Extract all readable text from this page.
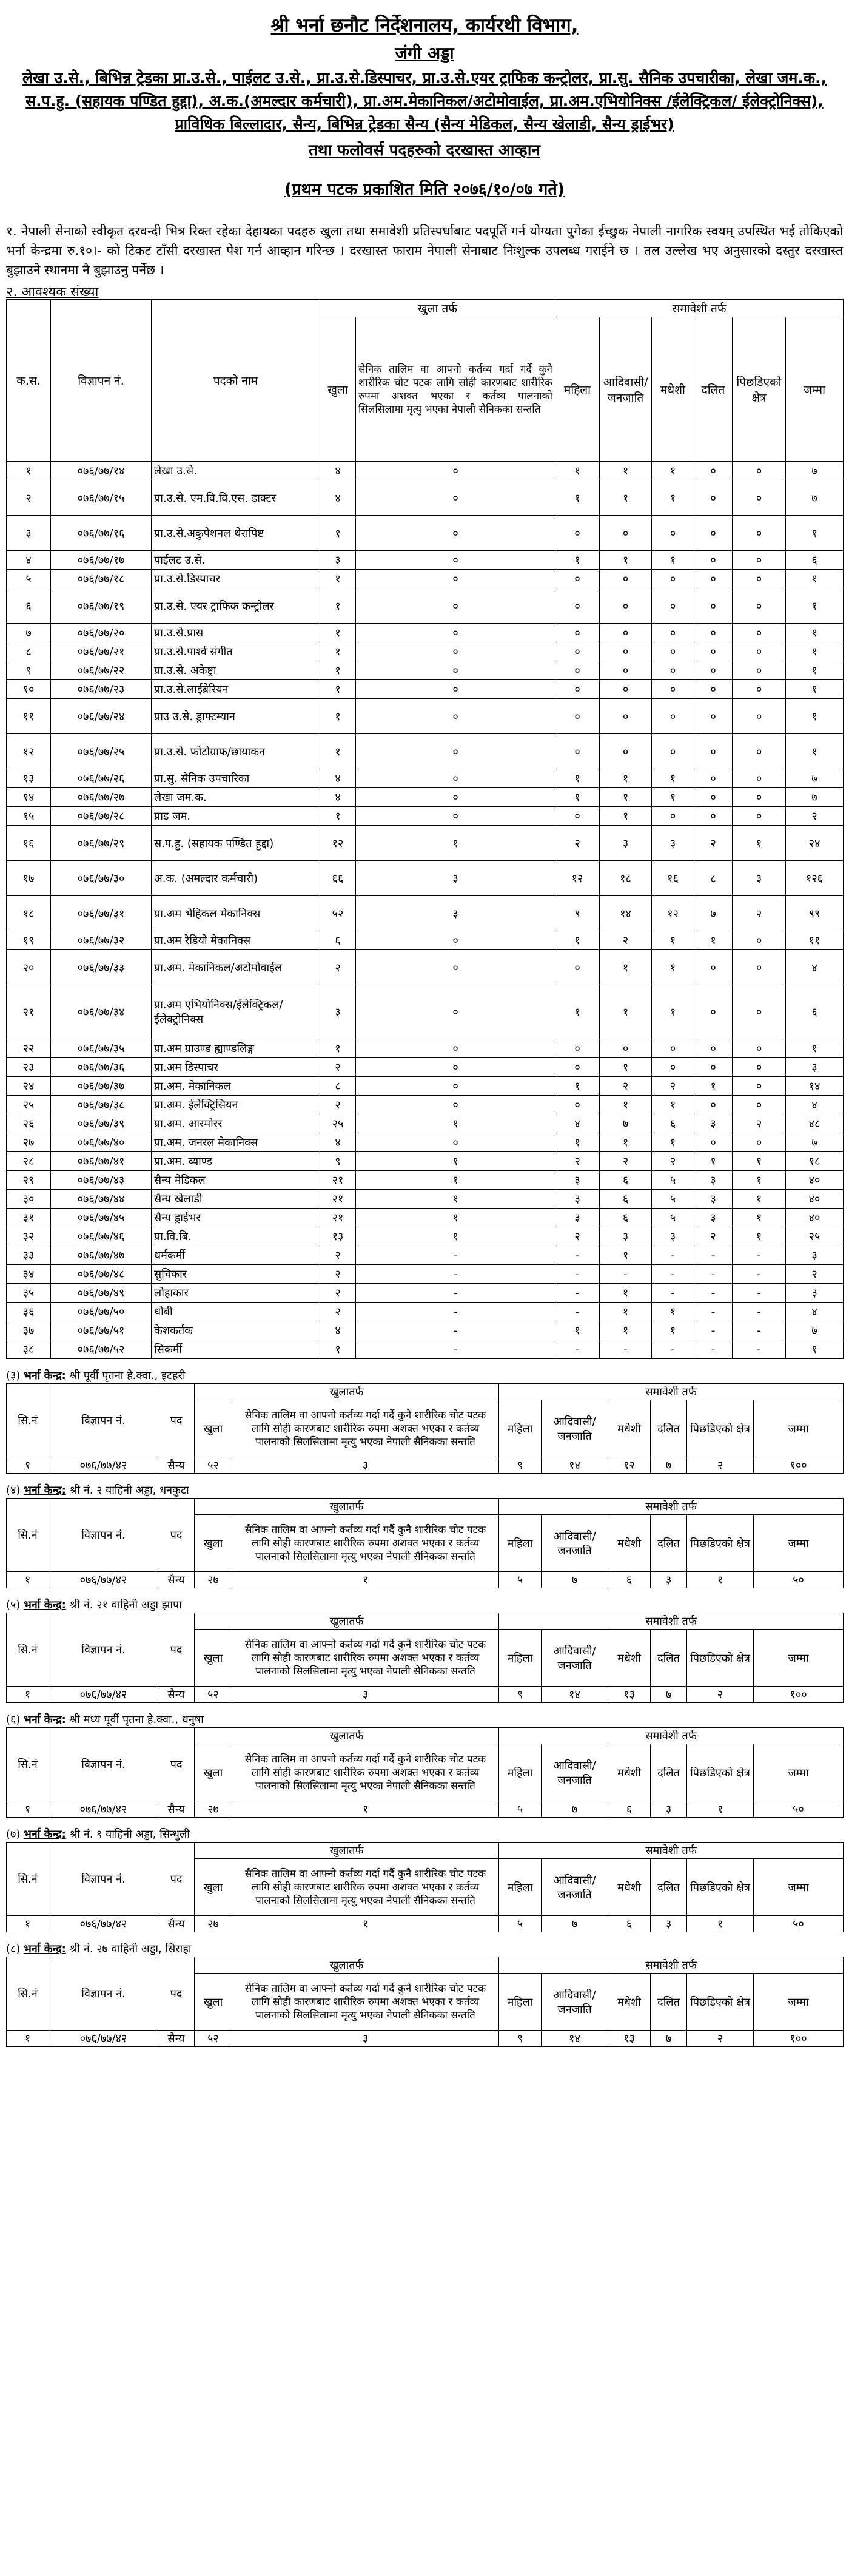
श्री भर्ना छनौट निर्देशनालय, कार्यरथी विभाग,
जंगी अड्डा
लेखा उ.से., बिभिन्न ट्रेडका प्रा.उ.से., पाईलट उ.से., प्रा.उ.से.डिस्पाचर, प्रा.उ.से.एयर ट्राफिक कन्ट्रोलर, प्रा.सु. सैनिक उपचारीका, लेखा जम.क., स.प.हु. (सहायक पण्डित हुद्दा), अ.क.(अमल्दार कर्मचारी), प्रा.अम.मेकानिकल/अटोमोवाईल, प्रा.अम.एभियोनिक्स /ईलेक्ट्रिकल/ ईलेक्ट्रोनिक्स), प्राविधिक बिल्लादार, सैन्य, बिभिन्न ट्रेडका सैन्य (सैन्य मेडिकल, सैन्य खेलाडी, सैन्य ड्राईभर)
तथा फलोवर्स पदहरुको दरखास्त आव्हान
(प्रथम पटक प्रकाशित मिति २०७६/१०/०७ गते)
१. नेपाली सेनाको स्वीकृत दरवन्दी भित्र रिक्त रहेका देहायका पदहरु खुला तथा समावेशी प्रतिस्पर्धाबाट पदपूर्ति गर्न योग्यता पुगेका ईच्छुक नेपाली नागरिक स्वयम् उपस्थित भई तोकिएको भर्ना केन्द्रमा रु.१०।- को टिकट टाँसी दरखास्त पेश गर्न आव्हान गरिन्छ । दरखास्त फाराम नेपाली सेनाबाट निःशुल्क उपलब्ध गराईने छ । तल उल्लेख भए अनुसारको दस्तुर दरखास्त बुझाउने स्थानमा नै बुझाउनु पर्नेछ ।
२. आवश्यक संख्या
क.स.	विज्ञापन नं.	पदको नाम	खुला तर्फ		समावेशी तर्फ					
			खुला	सैनिक तालिम वा आफ्नो कर्तव्य गर्दा गर्दै कुनै शारीरिक चोट पटक लागि सोही कारणबाट शारीरिक रुपमा अशक्त भएका र कर्तव्य पालनाको सिलसिलामा मृत्यु भएका नेपाली सैनिकका सन्तति	महिला	आदिवासी/ जनजाति	मधेशी	दलित	पिछडिएको क्षेत्र	जम्मा
१	०७६/७७/१४	लेखा उ.से.	४	०	१	१	१	०	०	७
२	०७६/७७/१५	प्रा.उ.से. एम.वि.वि.एस. डाक्टर	४	०	१	१	१	०	०	७
३	०७६/७७/१६	प्रा.उ.से.अकुपेशनल थेरापिष्ट	१	०	०	०	०	०	०	१
४	०७६/७७/१७	पाईलट उ.से.	३	०	१	१	१	०	०	६
५	०७६/७७/१८	प्रा.उ.से.डिस्पाचर	१	०	०	०	०	०	०	१
६	०७६/७७/१९	प्रा.उ.से. एयर ट्राफिक कन्ट्रोलर	१	०	०	०	०	०	०	१
७	०७६/७७/२०	प्रा.उ.से.प्रास	१	०	०	०	०	०	०	१
८	०७६/७७/२१	प्रा.उ.से.पार्श्व संगीत	१	०	०	०	०	०	०	१
९	०७६/७७/२२	प्रा.उ.से. अकेष्ट्रा	१	०	०	०	०	०	०	१
१०	०७६/७७/२३	प्रा.उ.से.लाईब्रेरियन	१	०	०	०	०	०	०	१
११	०७६/७७/२४	प्राउ उ.से. ड्राफ्टम्यान	१	०	०	०	०	०	०	१
१२	०७६/७७/२५	प्रा.उ.से. फोटोग्राफ/छायाकन	१	०	०	०	०	०	०	१
१३	०७६/७७/२६	प्रा.सु. सैनिक उपचारिका	४	०	१	१	१	०	०	७
१४	०७६/७७/२७	लेखा जम.क.	४	०	१	१	१	०	०	७
१५	०७६/७७/२८	प्राड जम.	१	०	०	१	०	०	०	२
१६	०७६/७७/२९	स.प.हु. (सहायक पण्डित हुद्दा)	१२	१	२	३	३	२	१	२४
१७	०७६/७७/३०	अ.क. (अमल्दार कर्मचारी)	६६	३	१२	१८	१६	८	३	१२६
१८	०७६/७७/३१	प्रा.अम भेहिकल मेकानिक्स	५२	३	९	१४	१२	७	२	९९
१९	०७६/७७/३२	प्रा.अम रेडियो मेकानिक्स	६	०	१	२	१	१	०	११
२०	०७६/७७/३३	प्रा.अम. मेकानिकल/अटोमोवाईल	२	०	०	१	१	०	०	४
२१	०७६/७७/३४	प्रा.अम एभियोनिक्स/ईलेक्ट्रिकल/ ईलेक्ट्रोनिक्स	३	०	१	१	१	०	०	६
२२	०७६/७७/३५	प्रा.अम ग्राउण्ड ह्याण्डलिङ्ग	१	०	०	०	०	०	०	१
२३	०७६/७७/३६	प्रा.अम डिस्पाचर	२	०	०	१	०	०	०	३
२४	०७६/७७/३७	प्रा.अम. मेकानिकल	८	०	१	२	२	१	०	१४
२५	०७६/७७/३८	प्रा.अम. ईलेक्ट्रिसियन	२	०	०	१	१	०	०	४
२६	०७६/७७/३९	प्रा.अम. आरमोरर	२५	१	४	७	६	३	२	४८
२७	०७६/७७/४०	प्रा.अम. जनरल मेकानिक्स	४	०	१	१	१	०	०	७
२८	०७६/७७/४१	प्रा.अम. व्याण्ड	९	१	२	२	२	१	१	१८
२९	०७६/७७/४३	सैन्य मेडिकल	२१	१	३	६	५	३	१	४०
३०	०७६/७७/४४	सैन्य खेलाडी	२१	१	३	६	५	३	१	४०
३१	०७६/७७/४५	सैन्य ड्राईभर	२१	१	३	६	५	३	१	४०
३२	०७६/७७/४६	प्रा.वि.बि.	१३	१	२	३	३	२	१	२५
३३	०७६/७७/४७	धर्मकर्मी	२	-	-	१	-	-	-	३
३४	०७६/७७/४८	सुचिकार	२	-	-	-	-	-	-	२
३५	०७६/७७/४९	लोहाकार	२	-	-	१	-	-	-	३
३६	०७६/७७/५०	धोबी	२	-	-	१	१	-	-	४
३७	०७६/७७/५१	केशकर्तक	४	-	१	१	१	-	-	७
३८	०७६/७७/५२	सिकर्मी	१	-	-	-	-	-	-	१
(३) भर्ना केन्द्र: श्री पूर्वी पृतना हे.क्वा., इटहरी
सि.नं	विज्ञापन नं.	पद	खुलातर्फ		समावेशी तर्फ					
			खुला	सैनिक तालिम वा आफ्नो कर्तव्य गर्दा गर्दै कुनै शारीरिक चोट पटक लागि सोही कारणबाट शारीरिक रुपमा अशक्त भएका र कर्तव्य पालनाको सिलसिलामा मृत्यु भएका नेपाली सैनिकका सन्तति	महिला	आदिवासी/ जनजाति	मधेशी	दलित	पिछडिएको क्षेत्र	जम्मा
१	०७६/७७/४२	सैन्य	५२	३	९	१४	१२	७	२	१००
(४) भर्ना केन्द्र: श्री नं. २ वाहिनी अड्डा, धनकुटा
सि.नं	विज्ञापन नं.	पद	खुलातर्फ		समावेशी तर्फ					
			खुला	सैनिक तालिम वा आफ्नो कर्तव्य गर्दा गर्दै कुनै शारीरिक चोट पटक लागि सोही कारणबाट शारीरिक रुपमा अशक्त भएका र कर्तव्य पालनाको सिलसिलामा मृत्यु भएका नेपाली सैनिकका सन्तति	महिला	आदिवासी/ जनजाति	मधेशी	दलित	पिछडिएको क्षेत्र	जम्मा
१	०७६/७७/४२	सैन्य	२७	१	५	७	६	३	१	५०
(५) भर्ना केन्द्र: श्री नं. २१ वाहिनी अड्डा झापा
सि.नं	विज्ञापन नं.	पद	खुलातर्फ		समावेशी तर्फ					
			खुला	सैनिक तालिम वा आफ्नो कर्तव्य गर्दा गर्दै कुनै शारीरिक चोट पटक लागि सोही कारणबाट शारीरिक रुपमा अशक्त भएका र कर्तव्य पालनाको सिलसिलामा मृत्यु भएका नेपाली सैनिकका सन्तति	महिला	आदिवासी/ जनजाति	मधेशी	दलित	पिछडिएको क्षेत्र	जम्मा
१	०७६/७७/४२	सैन्य	५२	३	९	१४	१३	७	२	१००
(६) भर्ना केन्द्र: श्री मध्य पूर्वी पृतना हे.क्वा., धनुषा
सि.नं	विज्ञापन नं.	पद	खुलातर्फ		समावेशी तर्फ					
			खुला	सैनिक तालिम वा आफ्नो कर्तव्य गर्दा गर्दै कुनै शारीरिक चोट पटक लागि सोही कारणबाट शारीरिक रुपमा अशक्त भएका र कर्तव्य पालनाको सिलसिलामा मृत्यु भएका नेपाली सैनिकका सन्तति	महिला	आदिवासी/ जनजाति	मधेशी	दलित	पिछडिएको क्षेत्र	जम्मा
१	०७६/७७/४२	सैन्य	२७	१	५	७	६	३	१	५०
(७) भर्ना केन्द्र: श्री नं. ९ वाहिनी अड्डा, सिन्धुली
सि.नं	विज्ञापन नं.	पद	खुलातर्फ		समावेशी तर्फ					
			खुला	सैनिक तालिम वा आफ्नो कर्तव्य गर्दा गर्दै कुनै शारीरिक चोट पटक लागि सोही कारणबाट शारीरिक रुपमा अशक्त भएका र कर्तव्य पालनाको सिलसिलामा मृत्यु भएका नेपाली सैनिकका सन्तति	महिला	आदिवासी/ जनजाति	मधेशी	दलित	पिछडिएको क्षेत्र	जम्मा
१	०७६/७७/४२	सैन्य	२७	१	५	७	६	३	१	५०
(८) भर्ना केन्द्र: श्री नं. २७ वाहिनी अड्डा, सिराहा
सि.नं	विज्ञापन नं.	पद	खुलातर्फ		समावेशी तर्फ					
			खुला	सैनिक तालिम वा आफ्नो कर्तव्य गर्दा गर्दै कुनै शारीरिक चोट पटक लागि सोही कारणबाट शारीरिक रुपमा अशक्त भएका र कर्तव्य पालनाको सिलसिलामा मृत्यु भएका नेपाली सैनिकका सन्तति	महिला	आदिवासी/ जनजाति	मधेशी	दलित	पिछडिएको क्षेत्र	जम्मा
१	०७६/७७/४२	सैन्य	५२	३	९	१४	१३	७	२	१००
